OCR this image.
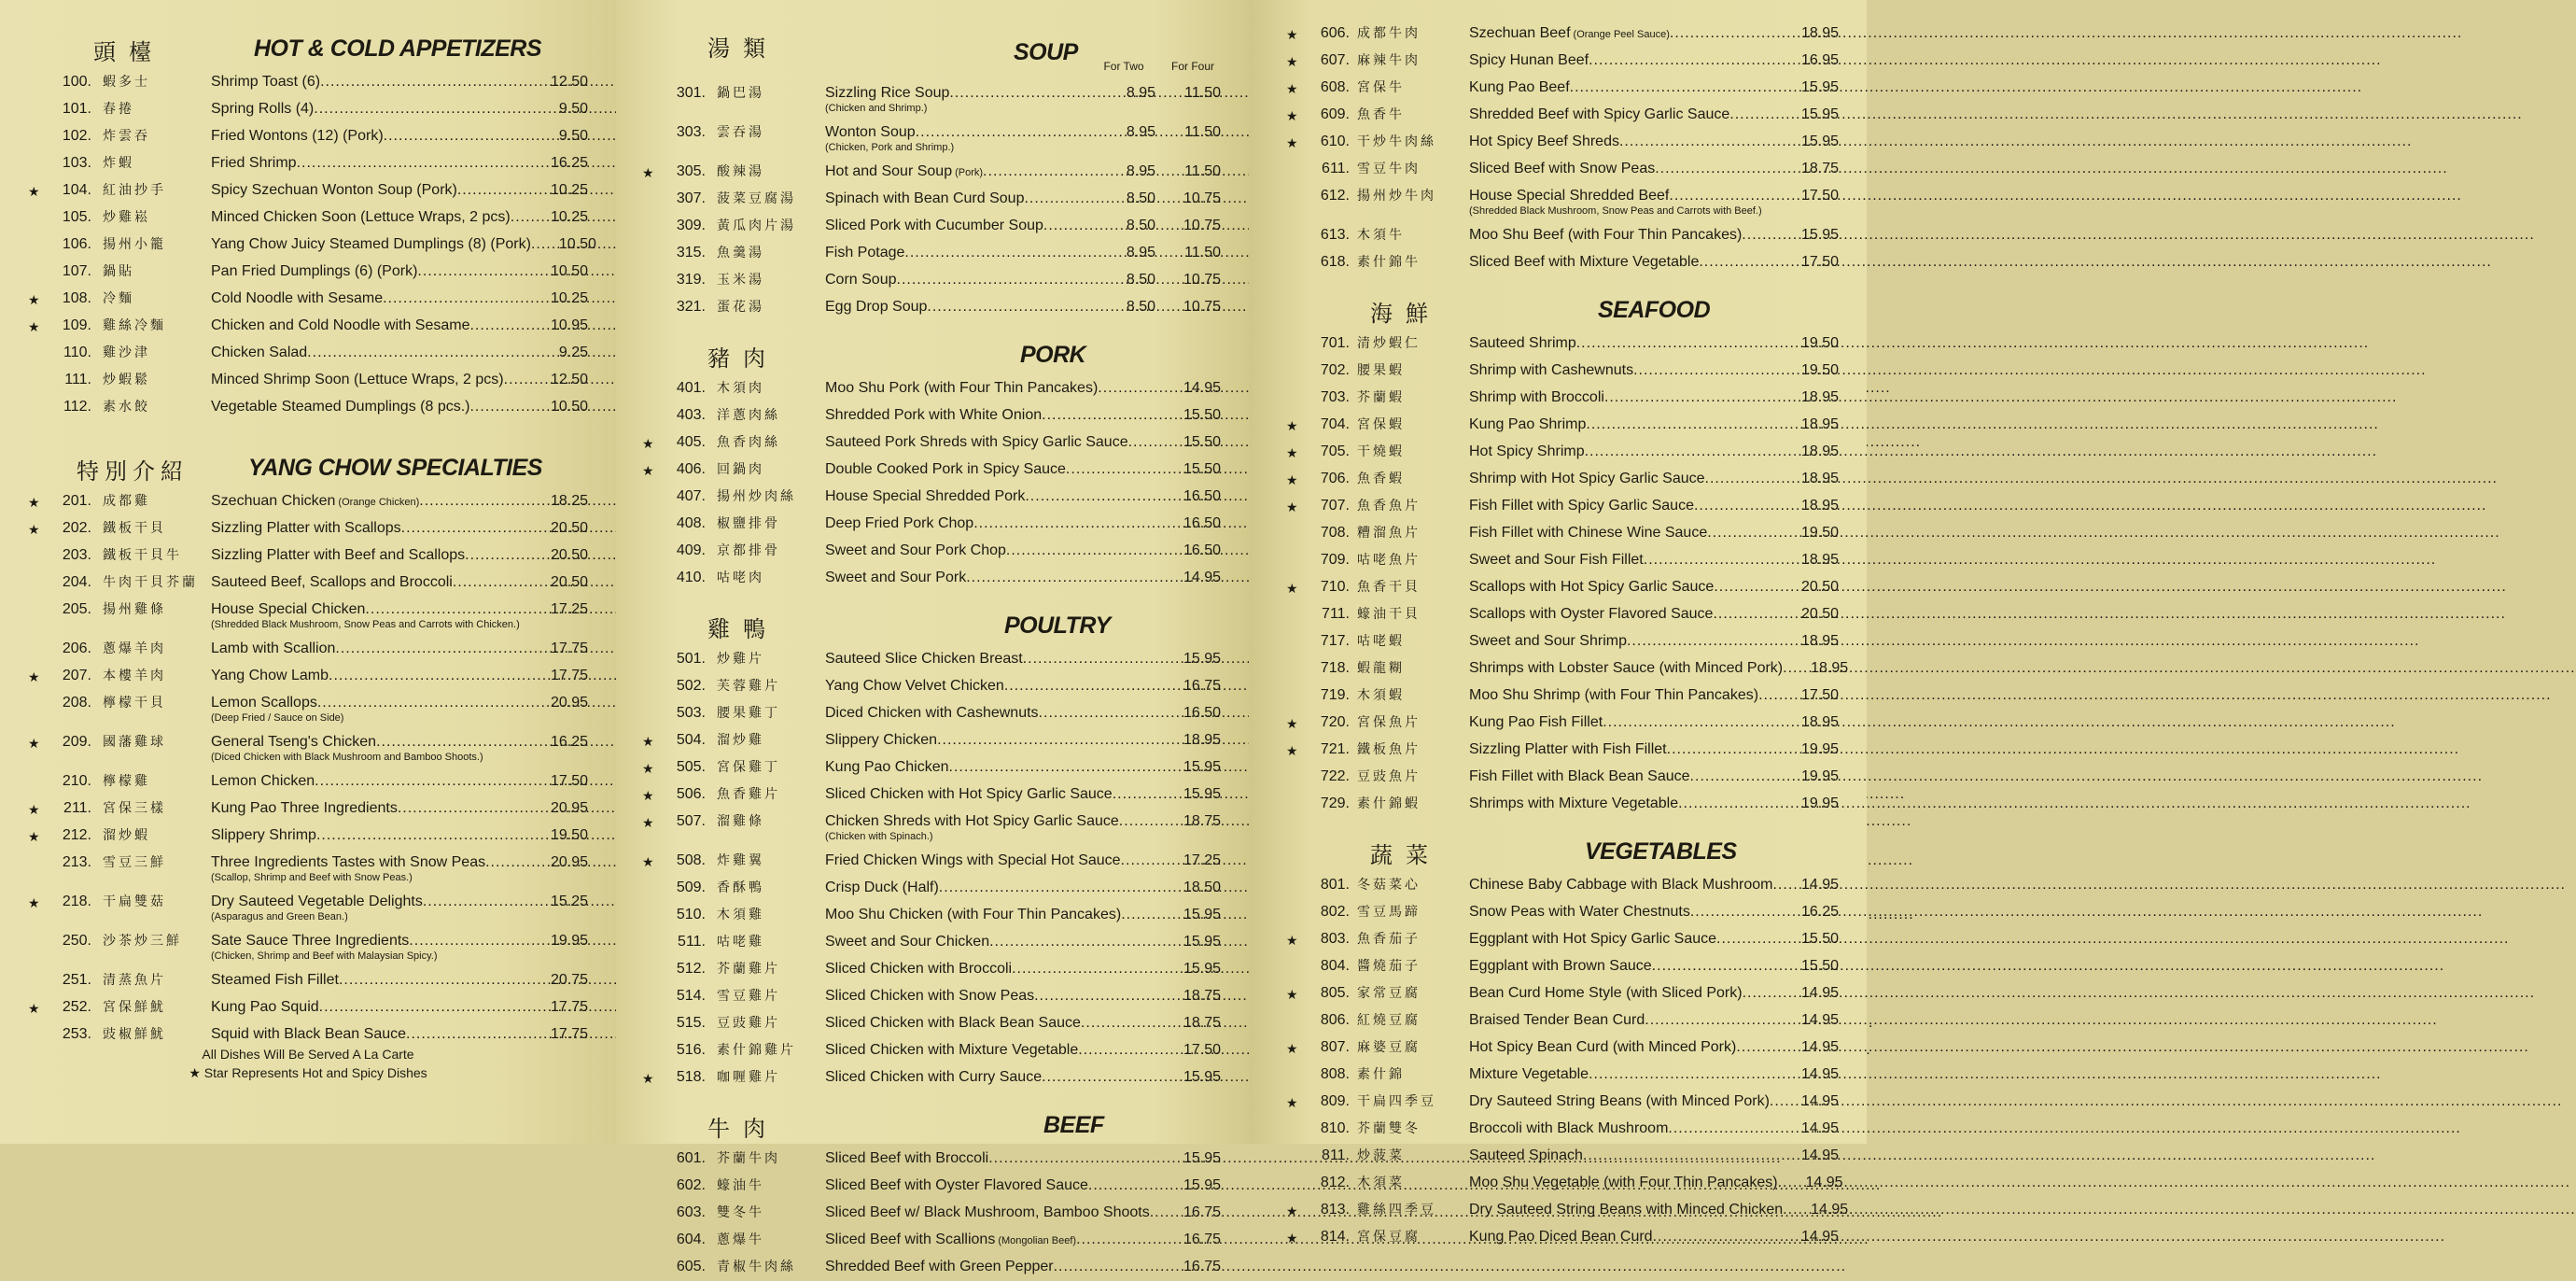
頭檯	HOT & COLD APPETIZERS
100. 蝦多士	Shrimp Toast (6) .....	12.50
101. 春捲	Spring Rolls (4) .....	9.50
102. 炸雲吞	Fried Wontons (12) (Pork) .....	9.50
103. 炸蝦	Fried Shrimp .....	16.25
★	104. 紅油抄手	Spicy Szechuan Wonton Soup (Pork) .....	10.25
105. 炒雞崧	Minced Chicken Soon (Lettuce Wraps, 2 pcs) .....	10.25
106. 揚州小籠	Yang Chow Juicy Steamed Dumplings (8) (Pork) .....	10.50
107. 鍋貼	Pan Fried Dumplings (6) (Pork) .....	10.50
★	108. 冷麵	Cold Noodle with Sesame .....	10.25
★	109. 雞絲冷麵	Chicken and Cold Noodle with Sesame .....	10.95
110. 雞沙津	Chicken Salad .....	9.25
111. 炒蝦鬆	Minced Shrimp Soon (Lettuce Wraps, 2 pcs) .....	12.50
112. 素水餃	Vegetable Steamed Dumplings (8 pcs.) .....	10.50
特別介紹	YANG CHOW SPECIALTIES
★	201. 成都雞	Szechuan Chicken (Orange Chicken) .....	18.25
★	202. 鐵板干貝	Sizzling Platter with Scallops .....	20.50
203. 鐵板干貝牛	Sizzling Platter with Beef and Scallops .....	20.50
204. 牛肉干貝芥蘭 Sauteed Beef, Scallops and Broccoli .....	20.50
205. 揚州雞條	House Special Chicken .....	17.25
(Shredded Black Mushroom, Snow Peas and Carrots with Chicken.)
206. 蔥爆羊肉	Lamb with Scallion .....	17.75
★	207. 本樓羊肉	Yang Chow Lamb .....	17.75
208. 檸檬干貝	Lemon Scallops .....	20.95
(Deep Fried / Sauce on Side)
★	209. 國藩雞球	General Tseng's Chicken .....	16.25
(Diced Chicken with Black Mushroom and Bamboo Shoots.)
210. 檸檬雞	Lemon Chicken .....	17.50
★	211. 宮保三樣	Kung Pao Three Ingredients .....	20.95
★	212. 溜炒蝦	Slippery Shrimp .....	19.50
213. 雪豆三鮮	Three Ingredients Tastes with Snow Peas .....	20.95
(Scallop, Shrimp and Beef with Snow Peas.)
★	218. 干扁雙菇	Dry Sauteed Vegetable Delights .....	15.25
(Asparagus and Green Bean.)
250. 沙茶炒三鮮	Sate Sauce Three Ingredients .....	19.95
(Chicken, Shrimp and Beef with Malaysian Spicy.)
251. 清蒸魚片	Steamed Fish Fillet .....	20.75
★	252. 宮保鮮魷	Kung Pao Squid .....	17.75
253. 豉椒鮮魷	Squid with Black Bean Sauce .....	17.75
All Dishes Will Be Served A La Carte
★ Star Represents Hot and Spicy Dishes
湯類	SOUP
For Two	For Four
301. 鍋巴湯	Sizzling Rice Soup .....	8.95	11.50
(Chicken and Shrimp.)
303. 雲吞湯	Wonton Soup .....	8.95	11.50
(Chicken, Pork and Shrimp.)
★	305. 酸辣湯	Hot and Sour Soup (Pork) .....	8.95	11.50
307. 菠菜豆腐湯	Spinach with Bean Curd Soup .....	8.50	10.75
309. 黃瓜肉片湯	Sliced Pork with Cucumber Soup .....	8.50	10.75
315. 魚羹湯	Fish Potage .....	8.95	11.50
319. 玉米湯	Corn Soup .....	8.50	10.75
321. 蛋花湯	Egg Drop Soup .....	8.50	10.75
豬肉	PORK
401. 木須肉	Moo Shu Pork (with Four Thin Pancakes) .....	14.95
403. 洋蔥肉絲	Shredded Pork with White Onion .....	15.50
★	405. 魚香肉絲	Sauteed Pork Shreds with Spicy Garlic Sauce .....	15.50
★	406. 回鍋肉	Double Cooked Pork in Spicy Sauce .....	15.50
407. 揚州炒肉絲	House Special Shredded Pork .....	16.50
408. 椒鹽排骨	Deep Fried Pork Chop .....	16.50
409. 京都排骨	Sweet and Sour Pork Chop .....	16.50
410. 咕咾肉	Sweet and Sour Pork .....	14.95
雞鴨	POULTRY
501. 炒雞片	Sauteed Slice Chicken Breast .....	15.95
502. 芙蓉雞片	Yang Chow Velvet Chicken .....	16.75
503. 腰果雞丁	Diced Chicken with Cashewnuts .....	16.50
★	504. 溜炒雞	Slippery Chicken .....	18.95
★	505. 宮保雞丁	Kung Pao Chicken .....	15.95
★	506. 魚香雞片	Sliced Chicken with Hot Spicy Garlic Sauce .....	15.95
★	507. 溜雞條	Chicken Shreds with Hot Spicy Garlic Sauce .....	18.75
(Chicken with Spinach.)
★	508. 炸雞翼	Fried Chicken Wings with Special Hot Sauce .....	17.25
509. 香酥鴨	Crisp Duck (Half) .....	18.50
510. 木須雞	Moo Shu Chicken (with Four Thin Pancakes) .....	15.95
511. 咕咾雞	Sweet and Sour Chicken .....	15.95
512. 芥蘭雞片	Sliced Chicken with Broccoli .....	15.95
514. 雪豆雞片	Sliced Chicken with Snow Peas .....	18.75
515. 豆豉雞片	Sliced Chicken with Black Bean Sauce .....	18.75
516. 素什錦雞片	Sliced Chicken with Mixture Vegetable .....	17.50
★	518. 咖喱雞片	Sliced Chicken with Curry Sauce .....	15.95
牛肉	BEEF
601. 芥蘭牛肉	Sliced Beef with Broccoli .....	15.95
602. 蠔油牛	Sliced Beef with Oyster Flavored Sauce .....	15.95
603. 雙冬牛	Sliced Beef w/ Black Mushroom, Bamboo Shoots .....	16.75
604. 蔥爆牛	Sliced Beef with Scallions (Mongolian Beef) .....	16.75
605. 青椒牛肉絲	Shredded Beef with Green Pepper .....	16.75
★	606. 成都牛肉	Szechuan Beef (Orange Peel Sauce) .....	18.95
★	607. 麻辣牛肉	Spicy Hunan Beef .....	16.95
★	608. 宮保牛	Kung Pao Beef .....	15.95
★	609. 魚香牛	Shredded Beef with Spicy Garlic Sauce .....	15.95
★	610. 干炒牛肉絲	Hot Spicy Beef Shreds .....	15.95
611. 雪豆牛肉	Sliced Beef with Snow Peas .....	18.75
612. 揚州炒牛肉	House Special Shredded Beef .....	17.50
(Shredded Black Mushroom, Snow Peas and Carrots with Beef.)
613. 木須牛	Moo Shu Beef (with Four Thin Pancakes) .....	15.95
618. 素什錦牛	Sliced Beef with Mixture Vegetable .....	17.50
海鮮	SEAFOOD
701. 清炒蝦仁	Sauteed Shrimp .....	19.50
702. 腰果蝦	Shrimp with Cashewnuts .....	19.50
703. 芥蘭蝦	Shrimp with Broccoli .....	18.95
★	704. 宮保蝦	Kung Pao Shrimp .....	18.95
★	705. 干燒蝦	Hot Spicy Shrimp .....	18.95
★	706. 魚香蝦	Shrimp with Hot Spicy Garlic Sauce .....	18.95
★	707. 魚香魚片	Fish Fillet with Spicy Garlic Sauce .....	18.95
708. 糟溜魚片	Fish Fillet with Chinese Wine Sauce .....	19.50
709. 咕咾魚片	Sweet and Sour Fish Fillet .....	18.95
★	710. 魚香干貝	Scallops with Hot Spicy Garlic Sauce .....	20.50
711. 蠔油干貝	Scallops with Oyster Flavored Sauce .....	20.50
717. 咕咾蝦	Sweet and Sour Shrimp .....	18.95
718. 蝦龍糊	Shrimps with Lobster Sauce (with Minced Pork) .....	18.95
719. 木須蝦	Moo Shu Shrimp (with Four Thin Pancakes) .....	17.50
★	720. 宮保魚片	Kung Pao Fish Fillet .....	18.95
★	721. 鐵板魚片	Sizzling Platter with Fish Fillet .....	19.95
722. 豆豉魚片	Fish Fillet with Black Bean Sauce .....	19.95
729. 素什錦蝦	Shrimps with Mixture Vegetable .....	19.95
蔬菜	VEGETABLES
801. 冬菇菜心	Chinese Baby Cabbage with Black Mushroom .....	14.95
802. 雪豆馬蹄	Snow Peas with Water Chestnuts .....	16.25
★	803. 魚香茄子	Eggplant with Hot Spicy Garlic Sauce .....	15.50
804. 醬燒茄子	Eggplant with Brown Sauce .....	15.50
★	805. 家常豆腐	Bean Curd Home Style (with Sliced Pork) .....	14.95
806. 紅燒豆腐	Braised Tender Bean Curd .....	14.95
★	807. 麻婆豆腐	Hot Spicy Bean Curd (with Minced Pork) .....	14.95
808. 素什錦	Mixture Vegetable .....	14.95
★	809. 干扁四季豆	Dry Sauteed String Beans (with Minced Pork) .....	14.95
810. 芥蘭雙冬	Broccoli with Black Mushroom .....	14.95
811. 炒菠菜	Sauteed Spinach .....	14.95
812. 木須菜	Moo Shu Vegetable (with Four Thin Pancakes) .....	14.95
★	813. 雞絲四季豆	Dry Sauteed String Beans with Minced Chicken .....	14.95
★	814. 宮保豆腐	Kung Pao Diced Bean Curd .....	14.95
